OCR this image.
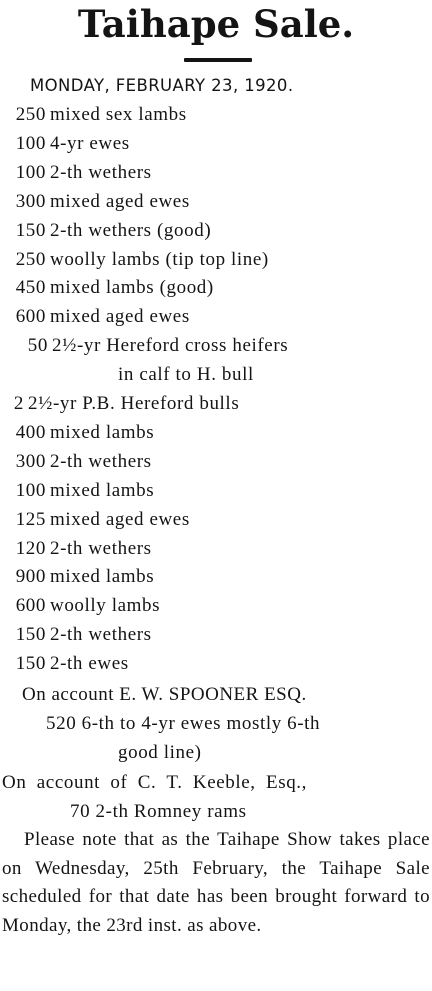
Taihape Sale.
MONDAY, FEBRUARY 23, 1920.
250 mixed sex lambs
100 4-yr ewes
100 2-th wethers
300 mixed aged ewes
150 2-th wethers (good)
250 woolly lambs (tip top line)
450 mixed lambs (good)
600 mixed aged ewes
50 2½-yr Hereford cross heifers
in calf to H. bull
2 2½-yr P.B. Hereford bulls
400 mixed lambs
300 2-th wethers
100 mixed lambs
125 mixed aged ewes
120 2-th wethers
900 mixed lambs
600 woolly lambs
150 2-th wethers
150 2-th ewes
On account E. W. SPOONER ESQ.
520 6-th to 4-yr ewes mostly 6-th
good line)
On account of C. T. Keeble, Esq.,
70 2-th Romney rams
Please note that as the Taihape Show takes place on Wednesday, 25th February, the Taihape Sale scheduled for that date has been brought forward to Monday, the 23rd inst. as above.
